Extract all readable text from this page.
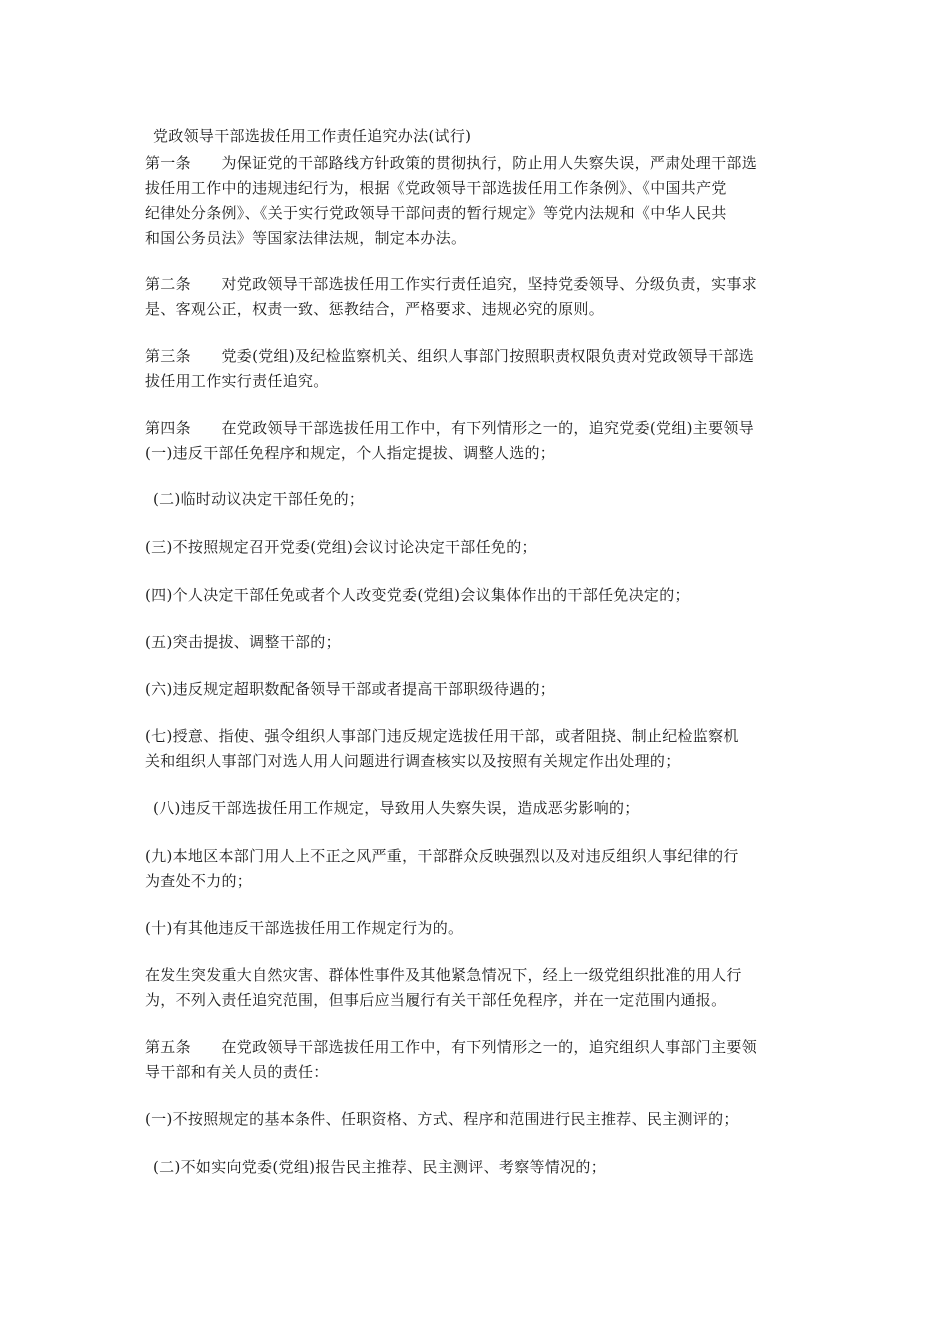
党政领导干部选拔任用工作责任追究办法(试行)
第一条　　为保证党的干部路线方针政策的贯彻执行，防止用人失察失误，严肃处理干部选
拔任用工作中的违规违纪行为，根据《党政领导干部选拔任用工作条例》、《中国共产党
纪律处分条例》、《关于实行党政领导干部问责的暂行规定》等党内法规和《中华人民共
和国公务员法》等国家法律法规，制定本办法。
第二条　　对党政领导干部选拔任用工作实行责任追究，坚持党委领导、分级负责，实事求
是、客观公正，权责一致、惩教结合，严格要求、违规必究的原则。
第三条　　党委(党组)及纪检监察机关、组织人事部门按照职责权限负责对党政领导干部选
拔任用工作实行责任追究。
第四条　　在党政领导干部选拔任用工作中，有下列情形之一的，追究党委(党组)主要领导
(一)违反干部任免程序和规定，个人指定提拔、调整人选的；
(二)临时动议决定干部任免的；
(三)不按照规定召开党委(党组)会议讨论决定干部任免的；
(四)个人决定干部任免或者个人改变党委(党组)会议集体作出的干部任免决定的；
(五)突击提拔、调整干部的；
(六)违反规定超职数配备领导干部或者提高干部职级待遇的；
(七)授意、指使、强令组织人事部门违反规定选拔任用干部，或者阻挠、制止纪检监察机
关和组织人事部门对选人用人问题进行调查核实以及按照有关规定作出处理的；
(八)违反干部选拔任用工作规定，导致用人失察失误，造成恶劣影响的；
(九)本地区本部门用人上不正之风严重，干部群众反映强烈以及对违反组织人事纪律的行
为查处不力的；
(十)有其他违反干部选拔任用工作规定行为的。
在发生突发重大自然灾害、群体性事件及其他紧急情况下，经上一级党组织批准的用人行
为，不列入责任追究范围，但事后应当履行有关干部任免程序，并在一定范围内通报。
第五条　　在党政领导干部选拔任用工作中，有下列情形之一的，追究组织人事部门主要领
导干部和有关人员的责任：
(一)不按照规定的基本条件、任职资格、方式、程序和范围进行民主推荐、民主测评的；
(二)不如实向党委(党组)报告民主推荐、民主测评、考察等情况的；
